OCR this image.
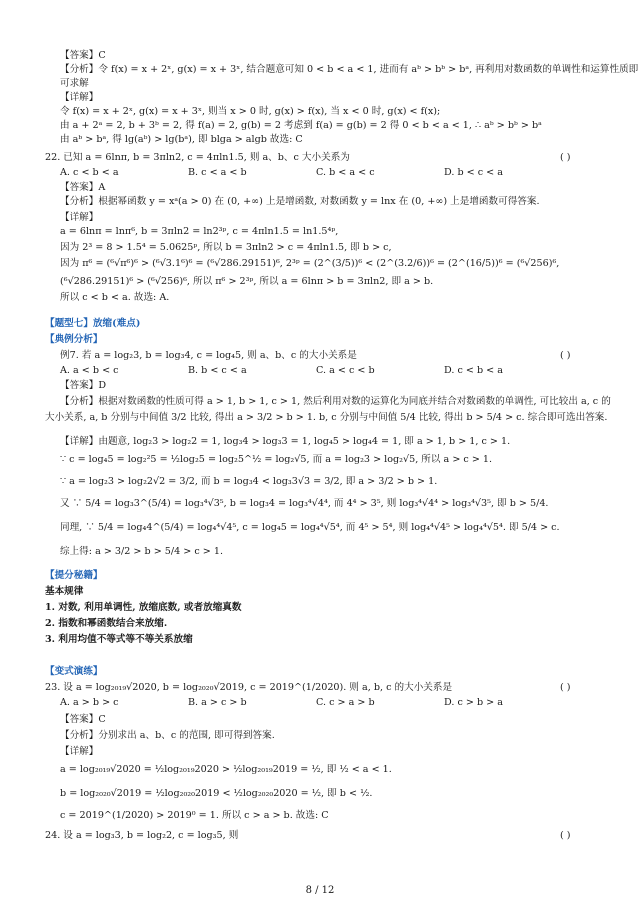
【答案】C
【分析】令 f(x) = x + 2ˣ, g(x) = x + 3ˣ, 结合题意可知 0 < b < a < 1, 进而有 aᵇ > bᵇ > bᵃ, 再利用对数函数的单调性和运算性质即
可求解
【详解】
令 f(x) = x + 2ˣ, g(x) = x + 3ˣ, 则当 x > 0 时, g(x) > f(x), 当 x < 0 时, g(x) < f(x);
由 a + 2ᵃ = 2, b + 3ᵇ = 2, 得 f(a) = 2, g(b) = 2 考虑到 f(a) = g(b) = 2 得 0 < b < a < 1, ∴ aᵇ > bᵇ > bᵃ
由 aᵇ > bᵃ, 得 lg(aᵇ) > lg(bᵃ), 即 blga > algb 故选: C
22. 已知 a = 6lnπ, b = 3πln2, c = 4πln1.5, 则 a、b、c 大小关系为
【答案】A
【分析】根据幂函数 y = xᵃ(a > 0) 在 (0, +∞) 上是增函数, 对数函数 y = lnx 在 (0, +∞) 上是增函数可得答案.
【详解】
a = 6lnπ = lnπ⁶, b = 3πln2 = ln2³ᵖ, c = 4πln1.5 = ln1.5⁴ᵖ,
因为 2³ = 8 > 1.5⁴ = 5.0625ᵖ, 所以 b = 3πln2 > c = 4πln1.5, 即 b > c,
因为 π⁶ = (⁶√π⁶)⁶ > (⁶√3.1⁶)⁶ = (⁶√286.29151)⁶, 2³ᵖ = (2^(3/5))⁶ < (2^(3.2/6))⁶ = (2^(16/5))⁶ = (⁶√256)⁶,
(⁶√286.29151)⁶ > (⁶√256)⁶, 所以 π⁶ > 2³ᵖ, 所以 a = 6lnπ > b = 3πln2, 即 a > b.
所以 c < b < a. 故选: A.
【题型七】放缩(难点)
【典例分析】
例7. 若 a = log₂3, b = log₃4, c = log₄5, 则 a、b、c 的大小关系是
【答案】D
【分析】根据对数函数的性质可得 a > 1, b > 1, c > 1, 然后利用对数的运算化为同底并结合对数函数的单调性, 可比较出 a, c 的
大小关系, a, b 分别与中间值 3/2 比较, 得出 a > 3/2 > b > 1. b, c 分别与中间值 5/4 比较, 得出 b > 5/4 > c. 综合即可选出答案.
【详解】由题意, log₂3 > log₂2 = 1, log₃4 > log₃3 = 1, log₄5 > log₄4 = 1, 即 a > 1, b > 1, c > 1.
∵ c = log₄5 = log₂²5 = ½log₂5 = log₂5^½ = log₂√5, 而 a = log₂3 > log₂√5, 所以 a > c > 1.
∵ a = log₂3 > log₂2√2 = 3/2, 而 b = log₃4 < log₃3√3 = 3/2, 即 a > 3/2 > b > 1.
又 ∵ 5/4 = log₃3^(5/4) = log₃⁴√3⁵, b = log₃4 = log₃⁴√4⁴, 而 4⁴ > 3⁵, 则 log₃⁴√4⁴ > log₃⁴√3⁵, 即 b > 5/4.
同理, ∵ 5/4 = log₄4^(5/4) = log₄⁴√4⁵, c = log₄5 = log₄⁴√5⁴, 而 4⁵ > 5⁴, 则 log₄⁴√4⁵ > log₄⁴√5⁴. 即 5/4 > c.
综上得: a > 3/2 > b > 5/4 > c > 1.
【提分秘籍】
基本规律
1. 对数, 利用单调性, 放缩底数, 或者放缩真数
2. 指数和幂函数结合来放缩.
3. 利用均值不等式等不等关系放缩
【变式演练】
23. 设 a = log₂₀₁₉√2020, b = log₂₀₂₀√2019, c = 2019^(1/2020). 则 a, b, c 的大小关系是
【答案】C
【分析】分别求出 a、b、c 的范围, 即可得到答案.
【详解】
a = log₂₀₁₉√2020 = ½log₂₀₁₉2020 > ½log₂₀₁₉2019 = ½, 即 ½ < a < 1.
b = log₂₀₂₀√2019 = ½log₂₀₂₀2019 < ½log₂₀₂₀2020 = ½, 即 b < ½.
c = 2019^(1/2020) > 2019⁰ = 1. 所以 c > a > b. 故选: C
24. 设 a = log₃3, b = log₂2, c = log₃5, 则
( )
( )
( )
( )
A. c < b < a	B. c < a < b	C. b < a < c	D. b < c < a
A. a < b < c	B. b < c < a	C. a < c < b	D. c < b < a
A. a > b > c	B. a > c > b	C. c > a > b	D. c > b > a
8 / 12
